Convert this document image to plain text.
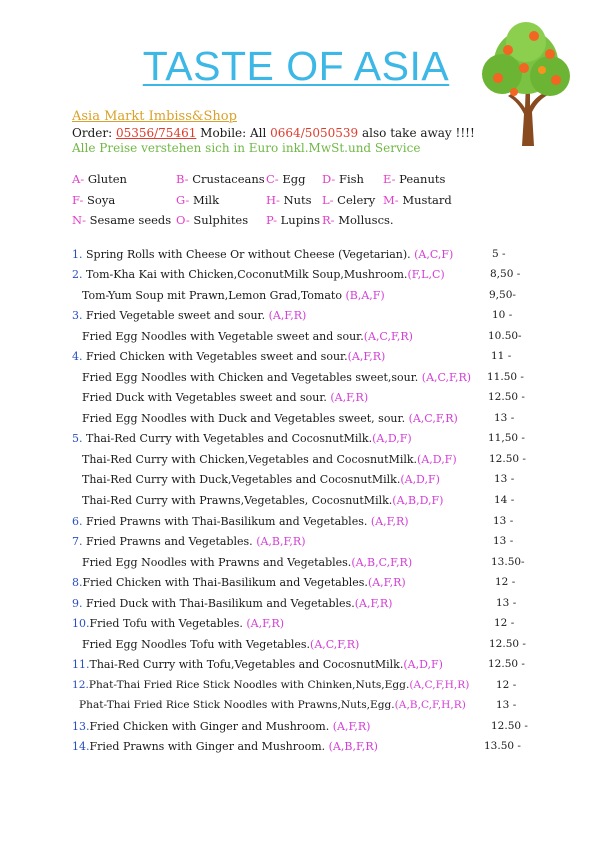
TASTE OF ASIA
Asia Markt Imbiss&Shop
Order: 05356/75461 Mobile: All 0664/5050539 also take away !!!!
Alle Preise verstehen sich in Euro inkl.MwSt.und Service
A- Gluten	B- Crustaceans C- Egg D- Fish E- Peanuts
F- Soya	G- Milk	H- Nuts L- Celery M- Mustard
N- Sesame seeds O- Sulphites P- Lupins R- Molluscs.
1. Spring Rolls with Cheese Or without Cheese (Vegetarian). (A,C,F)	5 -
2. Tom-Kha Kai with Chicken,CoconutMilk Soup,Mushroom.(F,L,C)	8,50 -
Tom-Yum Soup mit Prawn,Lemon Grad,Tomato (B,A,F)	9,50-
3. Fried Vegetable sweet and sour. (A,F,R)	10 -
Fried Egg Noodles with Vegetable sweet and sour.(A,C,F,R)	10.50-
4. Fried Chicken with Vegetables sweet and sour.(A,F,R)	11 -
Fried Egg Noodles with Chicken and Vegetables sweet,sour. (A,C,F,R) 11.50 -
Fried Duck with Vegetables sweet and sour. (A,F,R)	12.50 -
Fried Egg Noodles with Duck and Vegetables sweet, sour. (A,C,F,R)	13 -
5. Thai-Red Curry with Vegetables and CocosnutMilk.(A,D,F)	11,50 -
Thai-Red Curry with Chicken,Vegetables and CocosnutMilk.(A,D,F)	12.50 -
Thai-Red Curry with Duck,Vegetables and CocosnutMilk.(A,D,F)	13 -
Thai-Red Curry with Prawns,Vegetables, CocosnutMilk.(A,B,D,F)	14 -
6. Fried Prawns with Thai-Basilikum and Vegetables. (A,F,R)	13 -
7. Fried Prawns and Vegetables. (A,B,F,R)	13 -
Fried Egg Noodles with Prawns and Vegetables.(A,B,C,F,R)	13.50-
8.Fried Chicken with Thai-Basilikum and Vegetables.(A,F,R)	12 -
9. Fried Duck with Thai-Basilikum and Vegetables.(A,F,R)	13 -
10.Fried Tofu with Vegetables. (A,F,R)	12 -
Fried Egg Noodles Tofu with Vegetables.(A,C,F,R)	12.50 -
11.Thai-Red Curry with Tofu,Vegetables and CocosnutMilk.(A,D,F)	12.50 -
12.Phat-Thai Fried Rice Stick Noodles with Chinken,Nuts,Egg.(A,C,F,H,R)	12 -
Phat-Thai Fried Rice Stick Noodles with Prawns,Nuts,Egg.(A,B,C,F,H,R)	13 -
13.Fried Chicken with Ginger and Mushroom. (A,F,R)	12.50 -
14.Fried Prawns with Ginger and Mushroom. (A,B,F,R)	13.50 -
